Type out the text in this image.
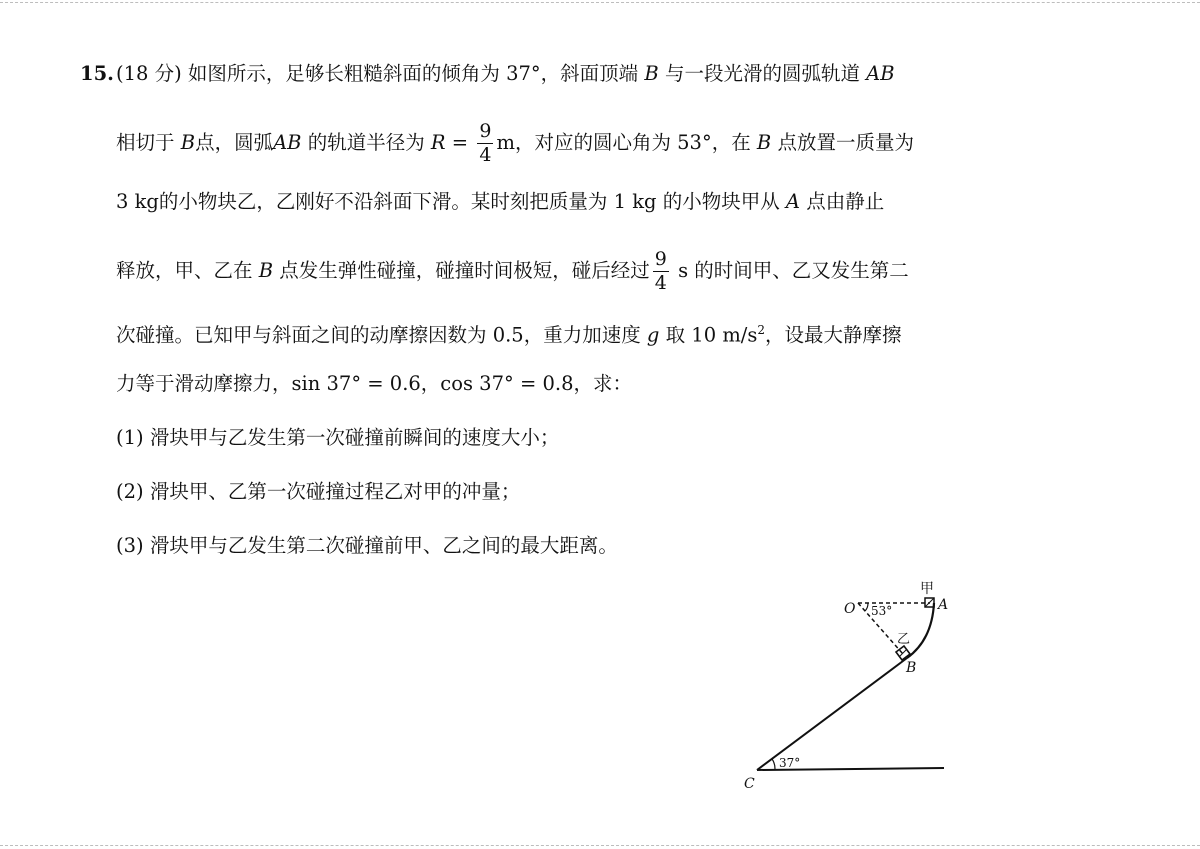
15. (18 分) 如图所示，足够长粗糙斜面的倾角为 37°，斜面顶端 B 与一段光滑的圆弧轨道 AB
相切于 B点，圆弧AB 的轨道半径为 $R = \frac{9}{4}$ m，对应的圆心角为 53°，在 B 点放置一质量为
3 kg的小物块乙，乙刚好不沿斜面下滑。某时刻把质量为 1 kg 的小物块甲从 A 点由静止
释放，甲、乙在 B 点发生弹性碰撞，碰撞时间极短，碰后经过 $\frac{9}{4}$ s 的时间甲、乙又发生第二
次碰撞。已知甲与斜面之间的动摩擦因数为 0.5，重力加速度 g 取 10 $m/s^2$，设最大静摩擦
力等于滑动摩擦力，sin 37° = 0.6，cos 37° = 0.8，求：
(1) 滑块甲与乙发生第一次碰撞前瞬间的速度大小；
(2) 滑块甲、乙第一次碰撞过程乙对甲的冲量；
(3) 滑块甲与乙发生第二次碰撞前甲、乙之间的最大距离。
甲
A
O 53°
乙
B
C
37°
